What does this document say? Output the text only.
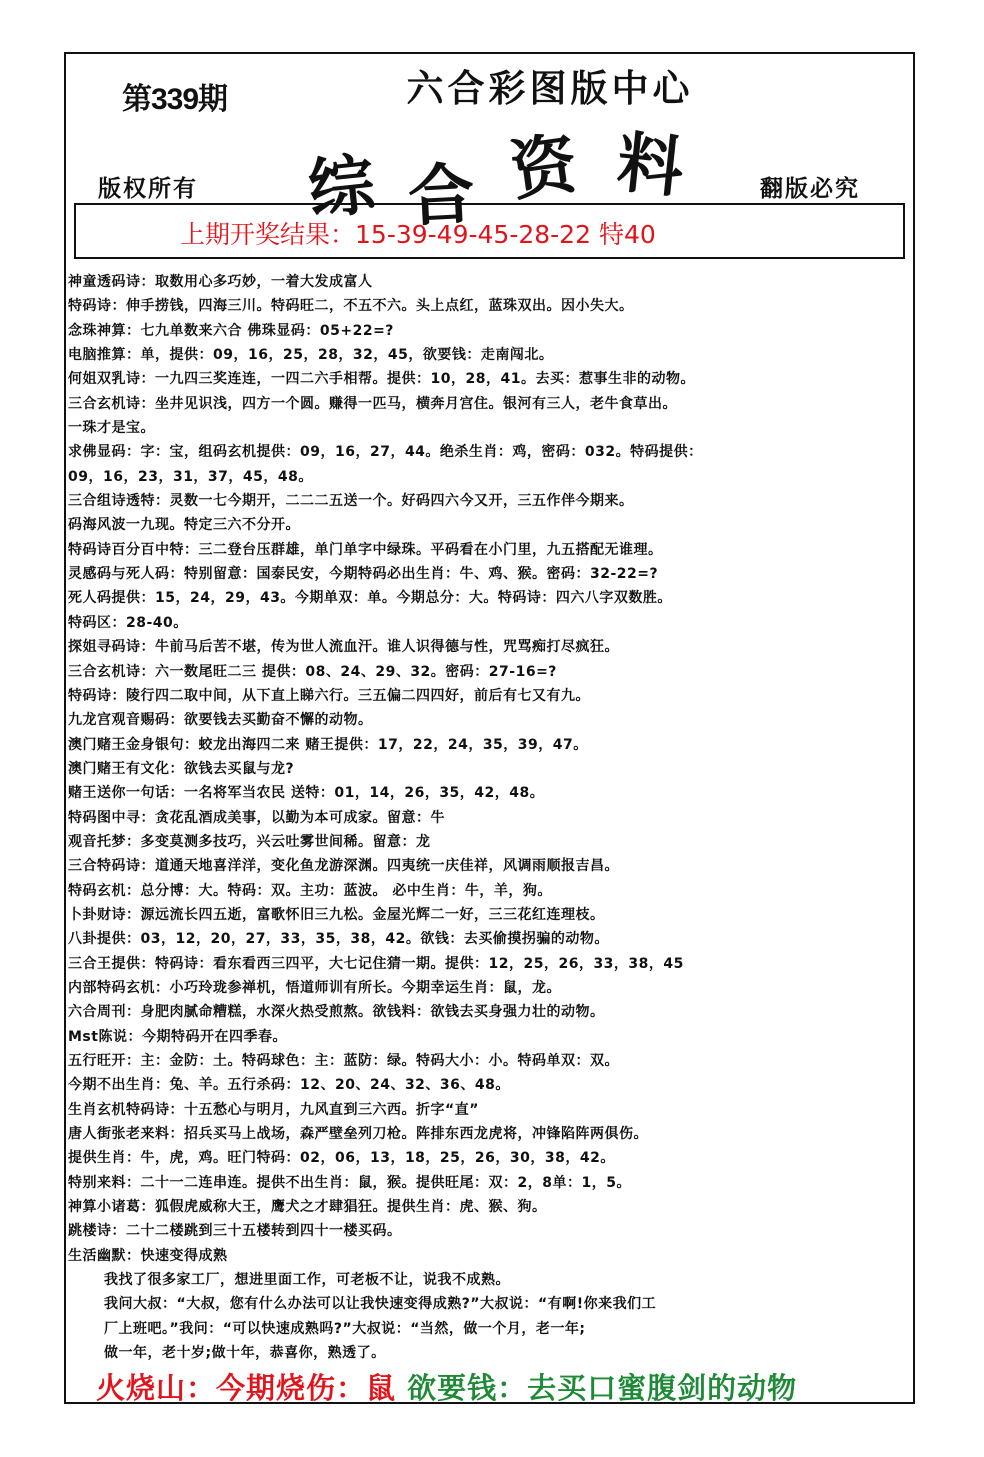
第339期	六合彩图版中心
综 合 资 料
版权所有	翻版必究
上期开奖结果：15-39-49-45-28-22 特40
神童透码诗：取数用心多巧妙，一着大发成富人
特码诗：伸手捞钱，四海三川。特码旺二，不五不六。头上点红，蓝珠双出。因小失大。
念珠神算：七九单数来六合 佛珠显码：05+22=?
电脑推算：单，提供：09，16，25，28，32，45，欲要钱：走南闯北。
何姐双乳诗：一九四三奖连连，一四二六手相帮。提供：10，28，41。去买：惹事生非的动物。
三合玄机诗：坐井见识浅，四方一个圆。赚得一匹马，横奔月宫住。银河有三人，老牛食草出。
一珠才是宝。
求佛显码：字：宝，组码玄机提供：09，16，27，44。绝杀生肖：鸡，密码：032。特码提供：
09，16，23，31，37，45，48。
三合组诗透特：灵数一七今期开，二二二五送一个。好码四六今又开，三五作伴今期来。
码海风波一九现。特定三六不分开。
特码诗百分百中特：三二登台压群雄，单门单字中绿珠。平码看在小门里，九五搭配无谁理。
灵感码与死人码：特别留意：国泰民安，今期特码必出生肖：牛、鸡、猴。密码：32-22=?
死人码提供：15，24，29，43。今期单双：单。今期总分：大。特码诗：四六八字双数胜。
特码区：28-40。
探姐寻码诗：牛前马后苦不堪，传为世人流血汗。谁人识得德与性，咒骂痴打尽疯狂。
三合玄机诗：六一数尾旺二三 提供：08、24、29、32。密码：27-16=?
特码诗：陵行四二取中间，从下直上睇六行。三五偏二四四好，前后有七又有九。
九龙宫观音赐码：欲要钱去买勤奋不懈的动物。
澳门赌王金身银句：蛟龙出海四二来 赌王提供：17，22，24，35，39，47。
澳门赌王有文化：欲钱去买鼠与龙?
赌王送你一句话：一名将军当农民 送特：01，14，26，35，42，48。
特码图中寻：贪花乱酒成美事，以勤为本可成家。留意：牛
观音托梦：多变莫测多技巧，兴云吐雾世间稀。留意：龙
三合特码诗：道通天地喜洋洋，变化鱼龙游深渊。四夷统一庆佳祥，风调雨顺报吉昌。
特码玄机：总分博：大。特码：双。主功：蓝波。 必中生肖：牛，羊，狗。
卜卦财诗：源远流长四五逝，富歌怀旧三九松。金屋光辉二一好，三三花红连理枝。
八卦提供：03，12，20，27，33，35，38，42。欲钱：去买偷摸拐骗的动物。
三合王提供：特码诗：看东看西三四平，大七记住猜一期。提供：12，25，26，33，38，45
内部特码玄机：小巧玲珑参禅机，悟道师训有所长。今期幸运生肖：鼠，龙。
六合周刊：身肥肉腻命糟糕，水深火热受煎熬。欲钱料：欲钱去买身强力壮的动物。
Mst陈说：今期特码开在四季春。
五行旺开：主：金防：土。特码球色：主：蓝防：绿。特码大小：小。特码单双：双。
今期不出生肖：兔、羊。五行杀码：12、20、24、32、36、48。
生肖玄机特码诗：十五愁心与明月，九风直到三六西。折字“直”
唐人街张老来料：招兵买马上战场，森严壁垒列刀枪。阵排东西龙虎将，冲锋陷阵两俱伤。
提供生肖：牛，虎，鸡。旺门特码：02，06，13，18，25，26，30，38，42。
特别来料：二十一二连串连。提供不出生肖：鼠，猴。提供旺尾：双：2，8单：1，5。
神算小诸葛：狐假虎威称大王，鹰犬之才肆猖狂。提供生肖：虎、猴、狗。
跳楼诗：二十二楼跳到三十五楼转到四十一楼买码。
生活幽默：快速变得成熟
我找了很多家工厂，想进里面工作，可老板不让，说我不成熟。
我问大叔：“大叔，您有什么办法可以让我快速变得成熟?”大叔说：“有啊!你来我们工
厂上班吧。”我问：“可以快速成熟吗?”大叔说：“当然，做一个月，老一年;
做一年，老十岁;做十年，恭喜你，熟透了。
火烧山：今期烧伤：鼠 欲要钱：去买口蜜腹剑的动物
